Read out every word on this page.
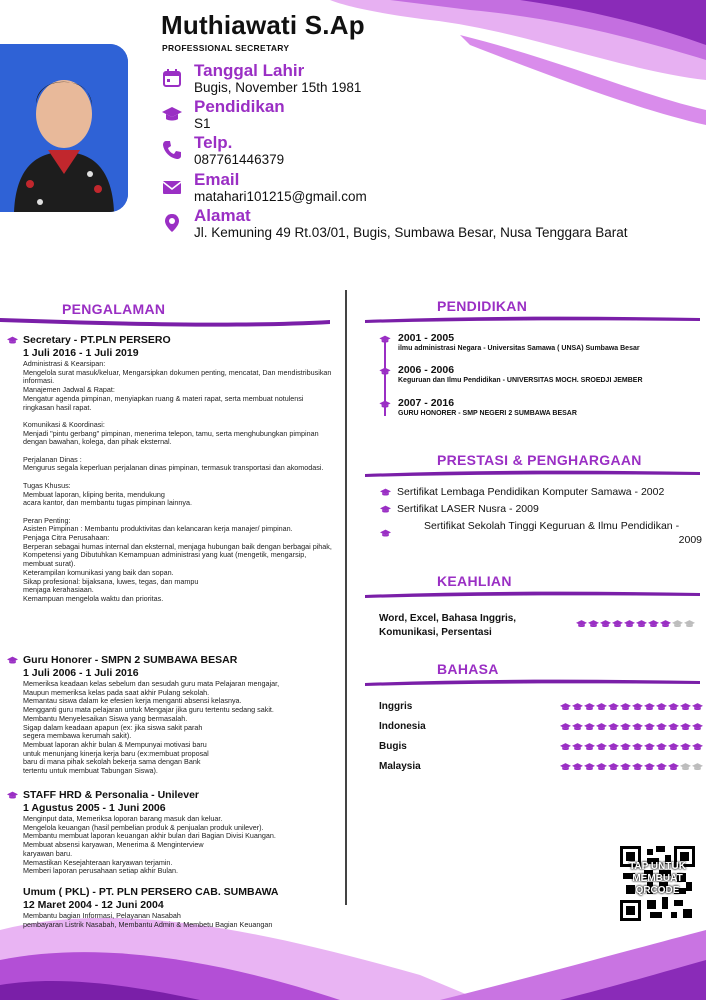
Muthiawati S.Ap
PROFESSIONAL SECRETARY
Tanggal Lahir
Bugis, November 15th 1981
Pendidikan
S1
Telp.
087761446379
Email
matahari101215@gmail.com
Alamat
Jl. Kemuning 49 Rt.03/01, Bugis, Sumbawa Besar, Nusa Tenggara Barat
PENGALAMAN
Secretary - PT.PLN PERSERO
1 Juli 2016 - 1 Juli 2019
Administrasi & Kearsipan:
Mengelola surat masuk/keluar, Mengarsipkan dokumen penting, mencatat, Dan mendistribusikan informasi.
Manajemen Jadwal & Rapat:
Mengatur agenda pimpinan, menyiapkan ruang & materi rapat, serta membuat notulensi ringkasan hasil rapat.

Komunikasi & Koordinasi:
Menjadi "pintu gerbang" pimpinan, menerima telepon, tamu, serta menghubungkan pimpinan dengan bawahan, kolega, dan pihak eksternal.

Perjalanan Dinas :
Mengurus segala keperluan perjalanan dinas pimpinan, termasuk transportasi dan akomodasi.

Tugas Khusus:
Membuat laporan, kliping berita, mendukung
acara kantor, dan membantu tugas pimpinan lainnya.

Peran Penting:
Asisten Pimpinan : Membantu produktivitas dan kelancaran kerja manajer/ pimpinan.
Penjaga Citra Perusahaan:
Berperan sebagai humas internal dan eksternal, menjaga hubungan baik dengan berbagai pihak, Kompetensi yang Dibutuhkan Kemampuan administrasi yang kuat (mengetik, mengarsip, membuat surat).
Keterampilan komunikasi yang baik dan sopan.
Sikap profesional: bijaksana, luwes, tegas, dan mampu
menjaga kerahasiaan.
Kemampuan mengelola waktu dan prioritas.
Guru Honorer - SMPN 2 SUMBAWA BESAR
1 Juli 2006 - 1 Juli 2016
Memeriksa keadaan kelas sebelum dan sesudah guru mata Pelajaran mengajar,
Maupun memeriksa kelas pada saat akhir Pulang sekolah.
Memantau siswa dalam ke efesien kerja menganti absensi kelasnya.
Mengganti guru mata pelajaran untuk Mengajar jika guru tertentu sedang sakit.
Membantu Menyelesaikan Siswa yang bermasalah.
Sigap dalam keadaan apapun (ex: jika siswa sakit parah
segera membawa kerumah sakit).
Membuat laporan akhir bulan & Mempunyai motivasi baru
untuk menunjang kinerja kerja baru (ex:membuat proposal
baru di mana pihak sekolah bekerja sama dengan Bank
tertentu untuk membuat Tabungan Siswa).
STAFF HRD & Personalia - Unilever
1 Agustus 2005 - 1 Juni 2006
Menginput data, Memeriksa loporan barang masuk dan keluar.
Mengelola keuangan (hasil pembelian produk & penjualan produk unilever).
Membantu membuat laporan keuangan akhir bulan dari Bagian Divisi Kuangan.
Membuat absensi karyawan, Menerima & Menginterview
karyawan baru.
Memastikan Kesejahteraan karyawan terjamin.
Memberi laporan perusahaan setiap akhir Bulan.
Umum ( PKL) - PT. PLN PERSERO CAB. SUMBAWA
12 Maret 2004 - 12 Juni 2004
Membantu bagian Informasi, Pelayanan Nasabah
pembayaran Listrik Nasabah, Membantu Admin & Membetu Bagian Keuangan
PENDIDIKAN
2001 - 2005
ilmu administrasi Negara - Universitas Samawa ( UNSA) Sumbawa Besar
2006 - 2006
Keguruan dan Ilmu Pendidikan - UNIVERSITAS MOCH. SROEDJI JEMBER
2007 - 2016
GURU HONORER - SMP NEGERI 2 SUMBAWA BESAR
PRESTASI & PENGHARGAAN
Sertifikat Lembaga Pendidikan Komputer Samawa - 2002
Sertifikat LASER Nusra - 2009
Sertifikat Sekolah Tinggi Keguruan & Ilmu Pendidikan -
2009
KEAHLIAN
Word, Excel, Bahasa Inggris,
Komunikasi, Persentasi
BAHASA
Inggris
Indonesia
Bugis
Malaysia
TAP UNTUK
MEMBUAT
QRCODE
